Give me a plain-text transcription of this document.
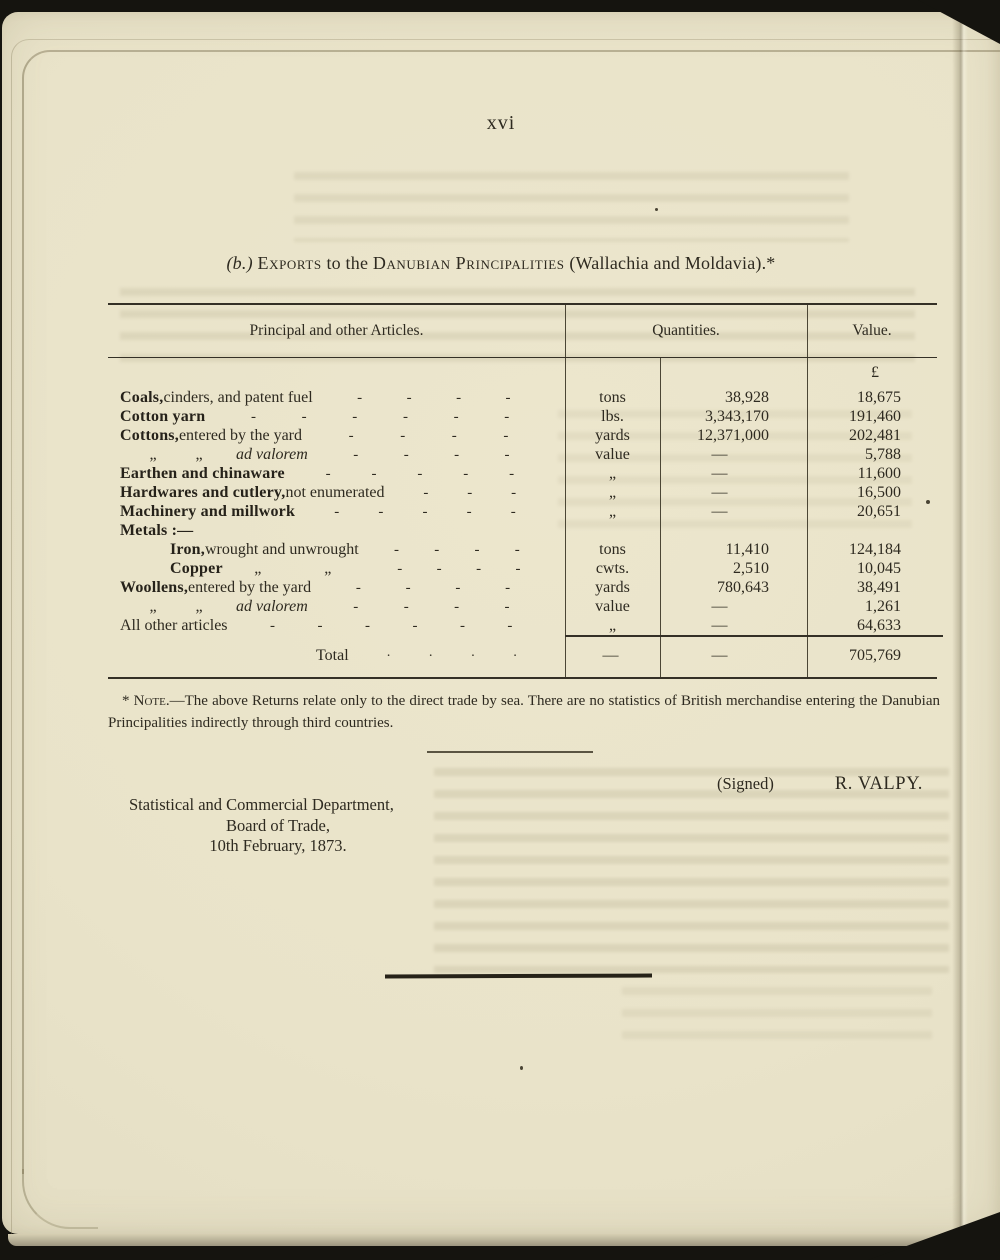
xvi
(b.) Exports to the Danubian Principalities (Wallachia and Moldavia).*
Principal and other Articles.	Quantities.	Value.
£
Coals, cinders, and patent fuel	-	-	-	-	tons	38,928	18,675
Cotton yarn	-	-	-	-	-	-	lbs.	3,343,170	191,460
Cottons, entered by the yard	-	-	-	-	yards	12,371,000	202,481
„	„	ad valorem	-	-	-	-	value	—	5,788
Earthen and chinaware	-	-	-	-	-	„	—	11,600
Hardwares and cutlery, not enumerated	-	-	-	„	—	16,500
Machinery and millwork	-	-	-	-	-	„	—	20,651
Metals :—
Iron, wrought and unwrought - - - -	tons	11,410	124,184
Copper	„	„	- - - -	cwts.	2,510	10,045
Woollens, entered by the yard	-	-	-	-	yards	780,643	38,491
„	„	ad valorem	-	-	-	-	value	—	1,261
All other articles	-	-	-	-	-	-	„	—	64,633
Total	·	·	·	·	—	—	705,769
* Note.—The above Returns relate only to the direct trade by sea. There are no statistics of British merchandise entering the Danubian Principalities indirectly through third countries.
(Signed)	R. VALPY.
Statistical and Commercial Department,
Board of Trade,
10th February, 1873.
